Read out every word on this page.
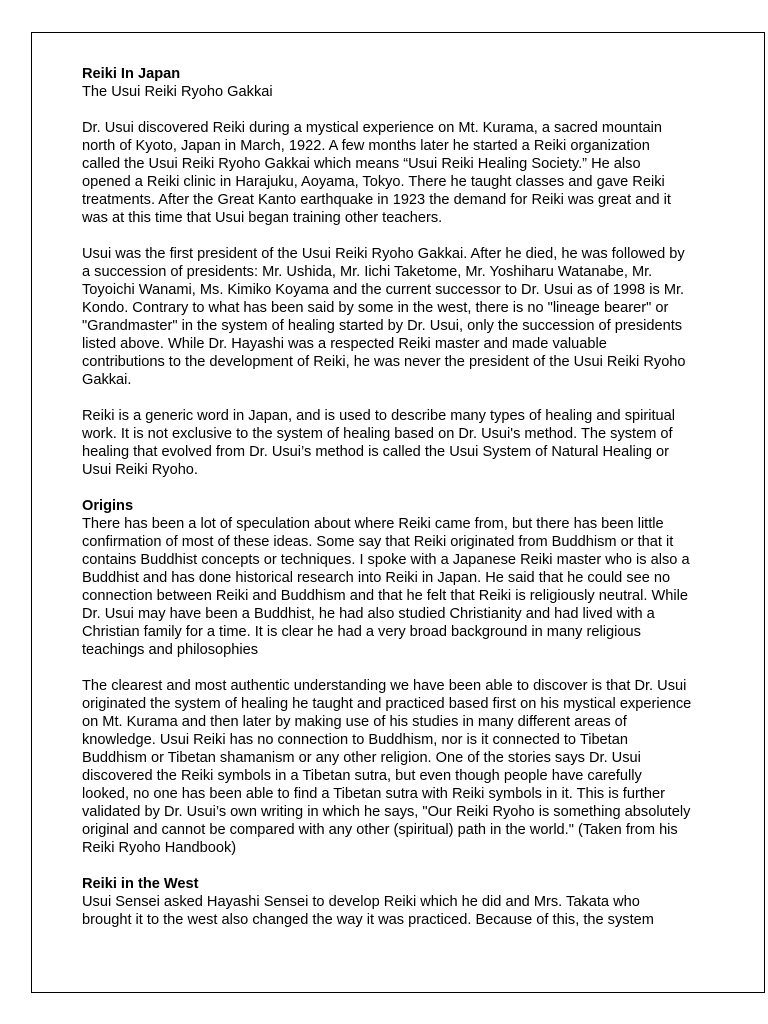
Reiki In Japan
The Usui Reiki Ryoho Gakkai

Dr. Usui discovered Reiki during a mystical experience on Mt. Kurama, a sacred mountain north of Kyoto, Japan in March, 1922. A few months later he started a Reiki organization called the Usui Reiki Ryoho Gakkai which means “Usui Reiki Healing Society.” He also opened a Reiki clinic in Harajuku, Aoyama, Tokyo. There he taught classes and gave Reiki treatments. After the Great Kanto earthquake in 1923 the demand for Reiki was great and it was at this time that Usui began training other teachers.

Usui was the first president of the Usui Reiki Ryoho Gakkai. After he died, he was followed by a succession of presidents: Mr. Ushida, Mr. Iichi Taketome, Mr. Yoshiharu Watanabe, Mr. Toyoichi Wanami, Ms. Kimiko Koyama and the current successor to Dr. Usui as of 1998 is Mr. Kondo. Contrary to what has been said by some in the west, there is no "lineage bearer" or "Grandmaster" in the system of healing started by Dr. Usui, only the succession of presidents listed above. While Dr. Hayashi was a respected Reiki master and made valuable contributions to the development of Reiki, he was never the president of the Usui Reiki Ryoho Gakkai.

Reiki is a generic word in Japan, and is used to describe many types of healing and spiritual work. It is not exclusive to the system of healing based on Dr. Usui's method. The system of healing that evolved from Dr. Usui’s method is called the Usui System of Natural Healing or Usui Reiki Ryoho.

Origins

There has been a lot of speculation about where Reiki came from, but there has been little confirmation of most of these ideas. Some say that Reiki originated from Buddhism or that it contains Buddhist concepts or techniques. I spoke with a Japanese Reiki master who is also a Buddhist and has done historical research into Reiki in Japan. He said that he could see no connection between Reiki and Buddhism and that he felt that Reiki is religiously neutral. While Dr. Usui may have been a Buddhist, he had also studied Christianity and had lived with a Christian family for a time. It is clear he had a very broad background in many religious teachings and philosophies

The clearest and most authentic understanding we have been able to discover is that Dr. Usui originated the system of healing he taught and practiced based first on his mystical experience on Mt. Kurama and then later by making use of his studies in many different areas of knowledge. Usui Reiki has no connection to Buddhism, nor is it connected to Tibetan Buddhism or Tibetan shamanism or any other religion. One of the stories says Dr. Usui discovered the Reiki symbols in a Tibetan sutra, but even though people have carefully looked, no one has been able to find a Tibetan sutra with Reiki symbols in it. This is further validated by Dr. Usui’s own writing in which he says, "Our Reiki Ryoho is something absolutely original and cannot be compared with any other (spiritual) path in the world." (Taken from his Reiki Ryoho Handbook)

Reiki in the West

Usui Sensei asked Hayashi Sensei to develop Reiki which he did and Mrs. Takata who brought it to the west also changed the way it was practiced. Because of this, the system
